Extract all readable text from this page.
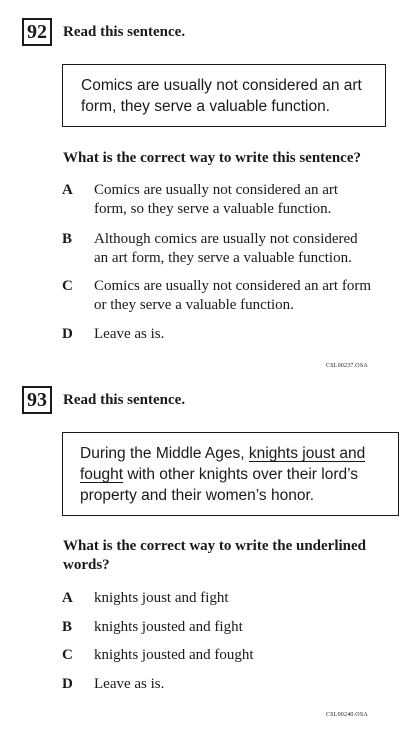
92	Read this sentence.
Comics are usually not considered an art
form, they serve a valuable function.
What is the correct way to write this sentence?
A Comics are usually not considered an art
form, so they serve a valuable function.
B Although comics are usually not considered
an art form, they serve a valuable function.
C Comics are usually not considered an art form
or they serve a valuable function.
D Leave as is.
CSL00237.OSA
93	Read this sentence.
During the Middle Ages, knights joust and
fought with other knights over their lord’s
property and their women’s honor.
What is the correct way to write the underlined
words?
A knights joust and fight
B knights jousted and fight
C knights jousted and fought
D Leave as is.
CSL00240.OSA
